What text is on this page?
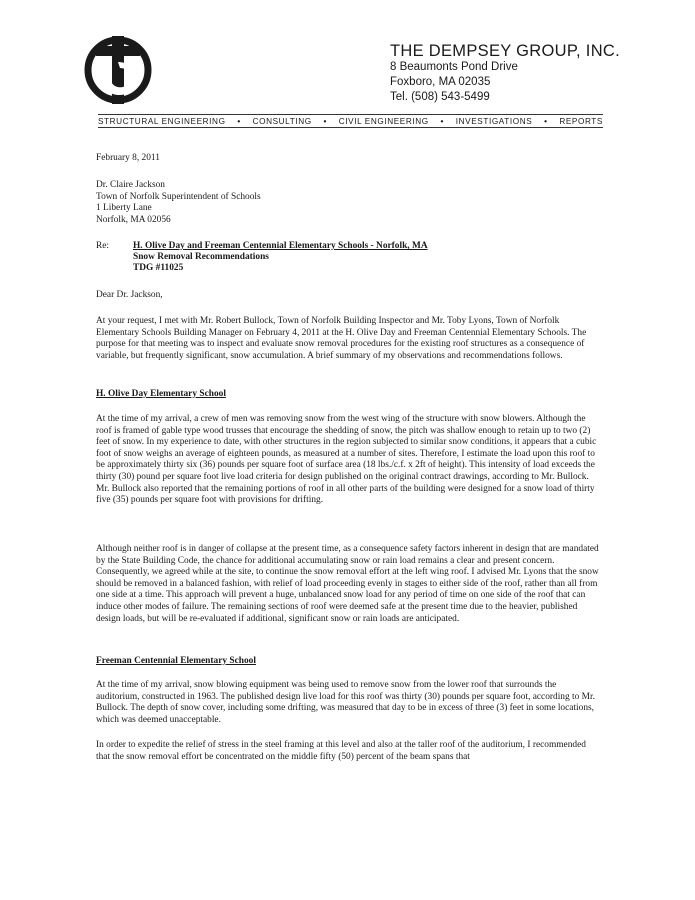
THE DEMPSEY GROUP, INC.
8 Beaumonts Pond Drive
Foxboro, MA 02035
Tel. (508) 543-5499
STRUCTURAL ENGINEERING • CONSULTING • CIVIL ENGINEERING • INVESTIGATIONS • REPORTS
February 8, 2011
Dr. Claire Jackson
Town of Norfolk Superintendent of Schools
1 Liberty Lane
Norfolk, MA 02056
Re:	H. Olive Day and Freeman Centennial Elementary Schools - Norfolk, MA
Snow Removal Recommendations
TDG #11025
Dear Dr. Jackson,
At your request, I met with Mr. Robert Bullock, Town of Norfolk Building Inspector and Mr. Toby Lyons, Town of Norfolk Elementary Schools Building Manager on February 4, 2011 at the H. Olive Day and Freeman Centennial Elementary Schools. The purpose for that meeting was to inspect and evaluate snow removal procedures for the existing roof structures as a consequence of variable, but frequently significant, snow accumulation. A brief summary of my observations and recommendations follows.
H. Olive Day Elementary School
At the time of my arrival, a crew of men was removing snow from the west wing of the structure with snow blowers. Although the roof is framed of gable type wood trusses that encourage the shedding of snow, the pitch was shallow enough to retain up to two (2) feet of snow. In my experience to date, with other structures in the region subjected to similar snow conditions, it appears that a cubic foot of snow weighs an average of eighteen pounds, as measured at a number of sites. Therefore, I estimate the load upon this roof to be approximately thirty six (36) pounds per square foot of surface area (18 lbs./c.f. x 2ft of height). This intensity of load exceeds the thirty (30) pound per square foot live load criteria for design published on the original contract drawings, according to Mr. Bullock. Mr. Bullock also reported that the remaining portions of roof in all other parts of the building were designed for a snow load of thirty five (35) pounds per square foot with provisions for drifting.
Although neither roof is in danger of collapse at the present time, as a consequence safety factors inherent in design that are mandated by the State Building Code, the chance for additional accumulating snow or rain load remains a clear and present concern. Consequently, we agreed while at the site, to continue the snow removal effort at the left wing roof. I advised Mr. Lyons that the snow should be removed in a balanced fashion, with relief of load proceeding evenly in stages to either side of the roof, rather than all from one side at a time. This approach will prevent a huge, unbalanced snow load for any period of time on one side of the roof that can induce other modes of failure. The remaining sections of roof were deemed safe at the present time due to the heavier, published design loads, but will be re-evaluated if additional, significant snow or rain loads are anticipated.
Freeman Centennial Elementary School
At the time of my arrival, snow blowing equipment was being used to remove snow from the lower roof that surrounds the auditorium, constructed in 1963. The published design live load for this roof was thirty (30) pounds per square foot, according to Mr. Bullock. The depth of snow cover, including some drifting, was measured that day to be in excess of three (3) feet in some locations, which was deemed unacceptable.
In order to expedite the relief of stress in the steel framing at this level and also at the taller roof of the auditorium, I recommended that the snow removal effort be concentrated on the middle fifty (50) percent of the beam spans that
